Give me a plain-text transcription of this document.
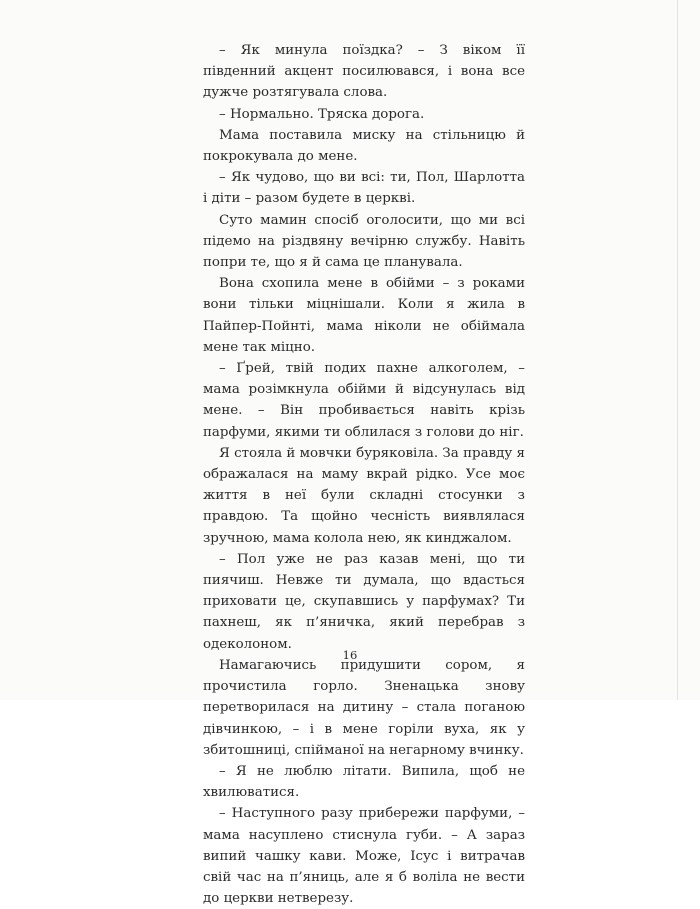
– Як минула поїздка? – З віком її південний акцент посилювався, і вона все дужче розтягувала слова.

– Нормально. Тряска дорога.

Мама поставила миску на стільницю й покрокувала до мене.

– Як чудово, що ви всі: ти, Пол, Шарлотта і діти – разом будете в церкві.

Суто мамин спосіб оголосити, що ми всі підемо на різдвяну вечірню службу. Навіть попри те, що я й сама це планувала.

Вона схопила мене в обійми – з роками вони тільки міцнішали. Коли я жила в Пайпер-Пойнті, мама ніколи не обіймала мене так міцно.

– Ґрей, твій подих пахне алкоголем, – мама розімкнула обійми й відсунулась від мене. – Він пробивається навіть крізь парфуми, якими ти облилася з голови до ніг.

Я стояла й мовчки буряковіла. За правду я ображалася на маму вкрай рідко. Усе моє життя в неї були складні стосунки з правдою. Та щойно чесність виявлялася зручною, мама колола нею, як кинджалом.

– Пол уже не раз казав мені, що ти пиячиш. Невже ти думала, що вдасться приховати це, скупавшись у парфумах? Ти пахнеш, як п’яничка, який перебрав з одеколоном.

Намагаючись придушити сором, я прочистила горло. Зненацька знову перетворилася на дитину – стала поганою дівчинкою, – і в мене горіли вуха, як у збитошниці, спійманої на негарному вчинку.

– Я не люблю літати. Випила, щоб не хвилюватися.

– Наступного разу прибережи парфуми, – мама насуплено стиснула губи. – А зараз випий чашку кави. Може, Ісус і витрачав свій час на п’яниць, але я б воліла не вести до церкви нетверезу.

16
